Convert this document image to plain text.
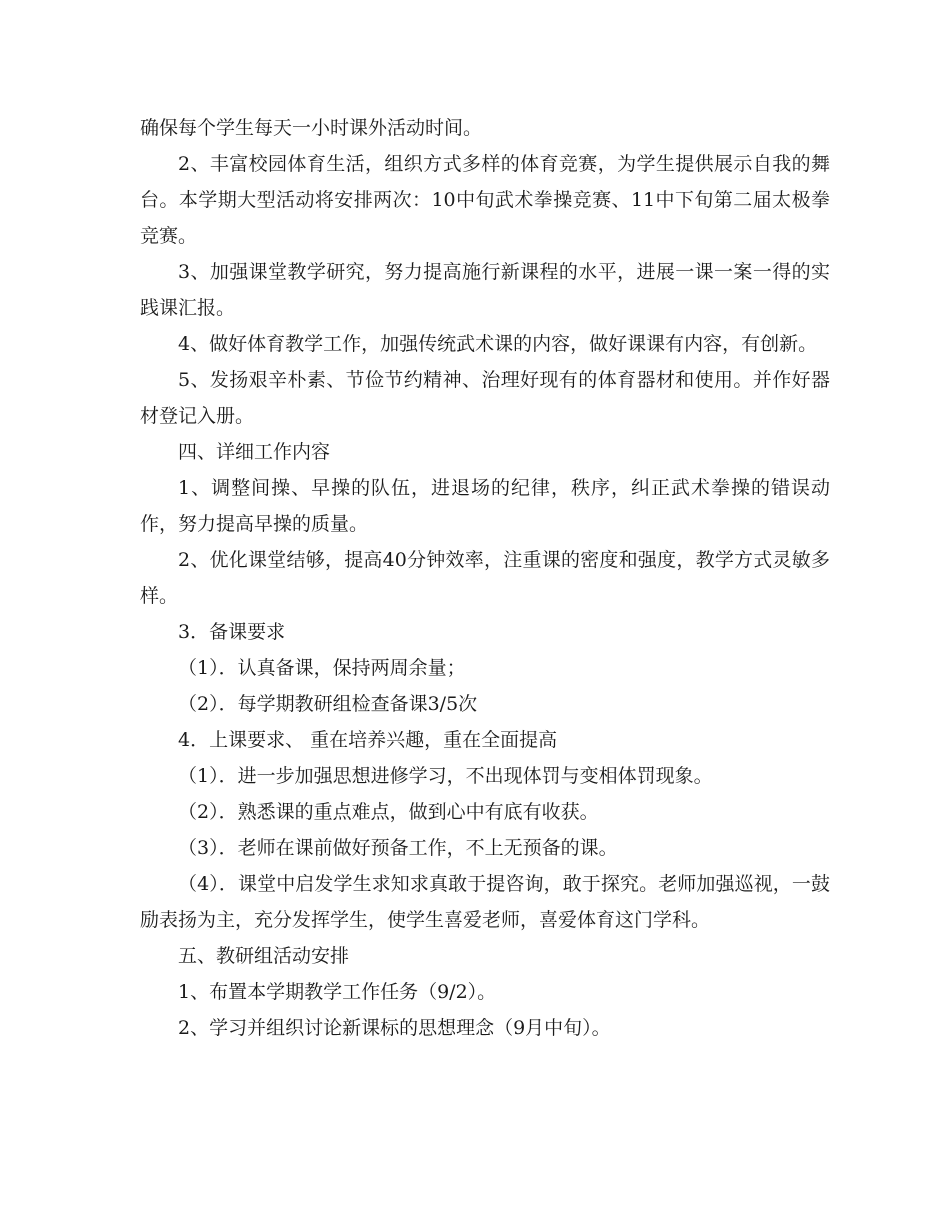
确保每个学生每天一小时课外活动时间。

2、丰富校园体育生活，组织方式多样的体育竞赛，为学生提供展示自我的舞台。本学期大型活动将安排两次：10中旬武术拳操竞赛、11中下旬第二届太极拳竞赛。

3、加强课堂教学研究，努力提高施行新课程的水平，进展一课一案一得的实践课汇报。

4、做好体育教学工作，加强传统武术课的内容，做好课课有内容，有创新。

5、发扬艰辛朴素、节俭节约精神、治理好现有的体育器材和使用。并作好器材登记入册。

四、详细工作内容

1、调整间操、早操的队伍，进退场的纪律，秩序，纠正武术拳操的错误动作，努力提高早操的质量。

2、优化课堂结够，提高40分钟效率，注重课的密度和强度，教学方式灵敏多样。

3．备课要求

（1）．认真备课，保持两周余量；

（2）．每学期教研组检查备课3/5次

4．上课要求、 重在培养兴趣，重在全面提高

（1）．进一步加强思想进修学习，不出现体罚与变相体罚现象。

（2）．熟悉课的重点难点，做到心中有底有收获。

（3）．老师在课前做好预备工作，不上无预备的课。

（4）．课堂中启发学生求知求真敢于提咨询，敢于探究。老师加强巡视，一鼓励表扬为主，充分发挥学生，使学生喜爱老师，喜爱体育这门学科。

五、教研组活动安排

1、布置本学期教学工作任务（9/2）。

2、学习并组织讨论新课标的思想理念（9月中旬）。
